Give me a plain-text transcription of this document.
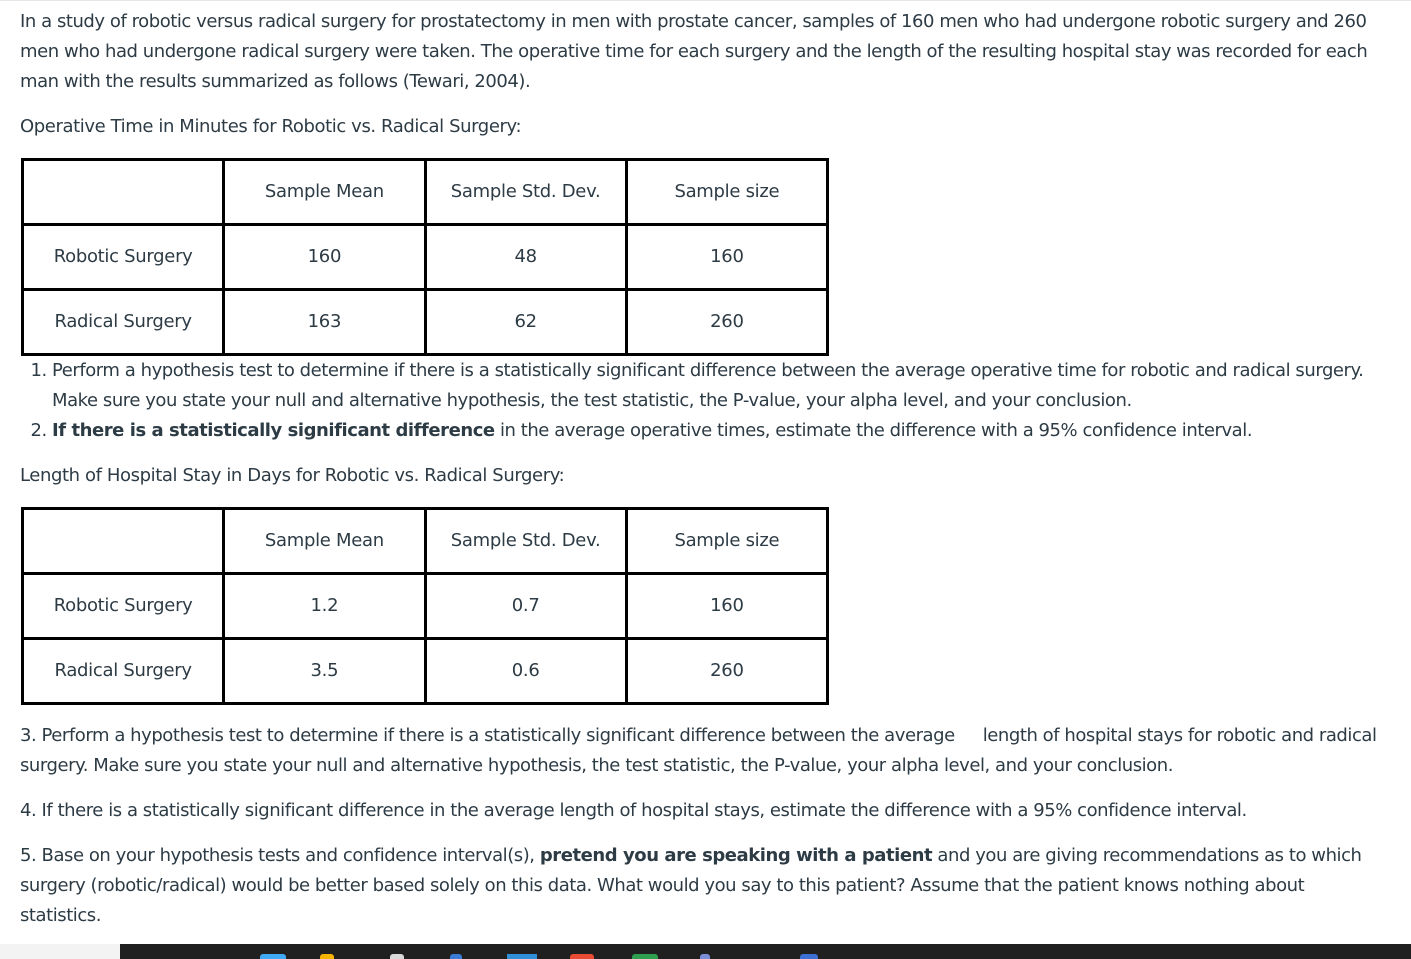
In a study of robotic versus radical surgery for prostatectomy in men with prostate cancer, samples of 160 men who had undergone robotic surgery and 260 men who had undergone radical surgery were taken. The operative time for each surgery and the length of the resulting hospital stay was recorded for each man with the results summarized as follows (Tewari, 2004).

Operative Time in Minutes for Robotic vs. Radical Surgery:

	Sample Mean	Sample Std. Dev.	Sample size
Robotic Surgery	160	48	160
Radical Surgery	163	62	260
1. Perform a hypothesis test to determine if there is a statistically significant difference between the average operative time for robotic and radical surgery. Make sure you state your null and alternative hypothesis, the test statistic, the P-value, your alpha level, and your conclusion.
2. If there is a statistically significant difference in the average operative times, estimate the difference with a 95% confidence interval.

Length of Hospital Stay in Days for Robotic vs. Radical Surgery:

	Sample Mean	Sample Std. Dev.	Sample size
Robotic Surgery	1.2	0.7	160
Radical Surgery	3.5	0.6	260

3. Perform a hypothesis test to determine if there is a statistically significant difference between the average length of hospital stays for robotic and radical surgery. Make sure you state your null and alternative hypothesis, the test statistic, the P-value, your alpha level, and your conclusion.

4. If there is a statistically significant difference in the average length of hospital stays, estimate the difference with a 95% confidence interval.

5. Base on your hypothesis tests and confidence interval(s), pretend you are speaking with a patient and you are giving recommendations as to which surgery (robotic/radical) would be better based solely on this data. What would you say to this patient? Assume that the patient knows nothing about statistics.
